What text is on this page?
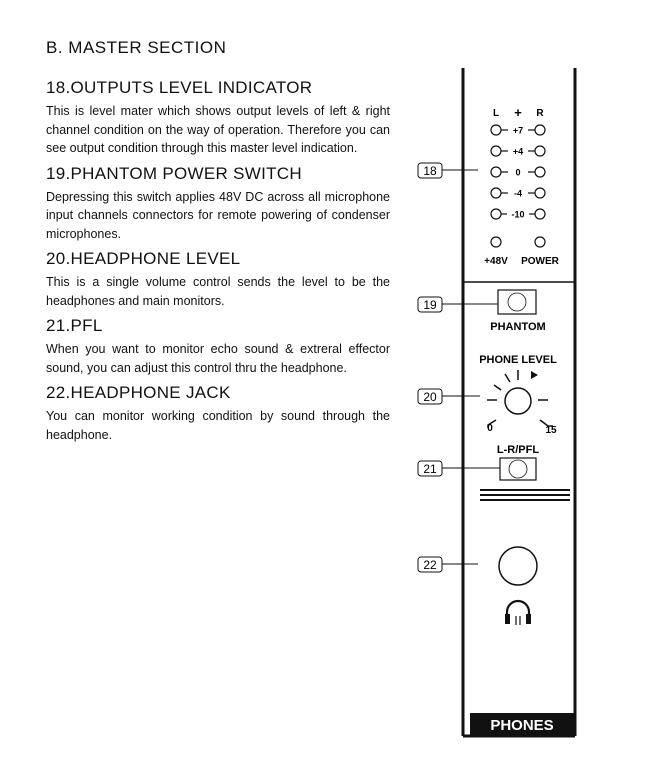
B. MASTER SECTION
18.OUTPUTS LEVEL INDICATOR

This is level mater which shows output levels of left & right channel condition on the way of operation. Therefore you can see output condition through this master level indication.

19.PHANTOM POWER SWITCH

Depressing this switch applies 48V DC across all microphone input channels connectors for remote powering of condenser microphones.

20.HEADPHONE LEVEL

This is a single volume control sends the level to be the headphones and main monitors.

21.PFL

When you want to monitor echo sound & extreral effector sound, you can adjust this control thru the headphone.

22.HEADPHONE JACK

You can monitor working condition by sound through the headphone.

L + R
+7
+4
0
-4
-10
+48V POWER
PHANTOM
PHONE LEVEL
0	15
L-R/PFL
PHONES
18
19
20
21
22
